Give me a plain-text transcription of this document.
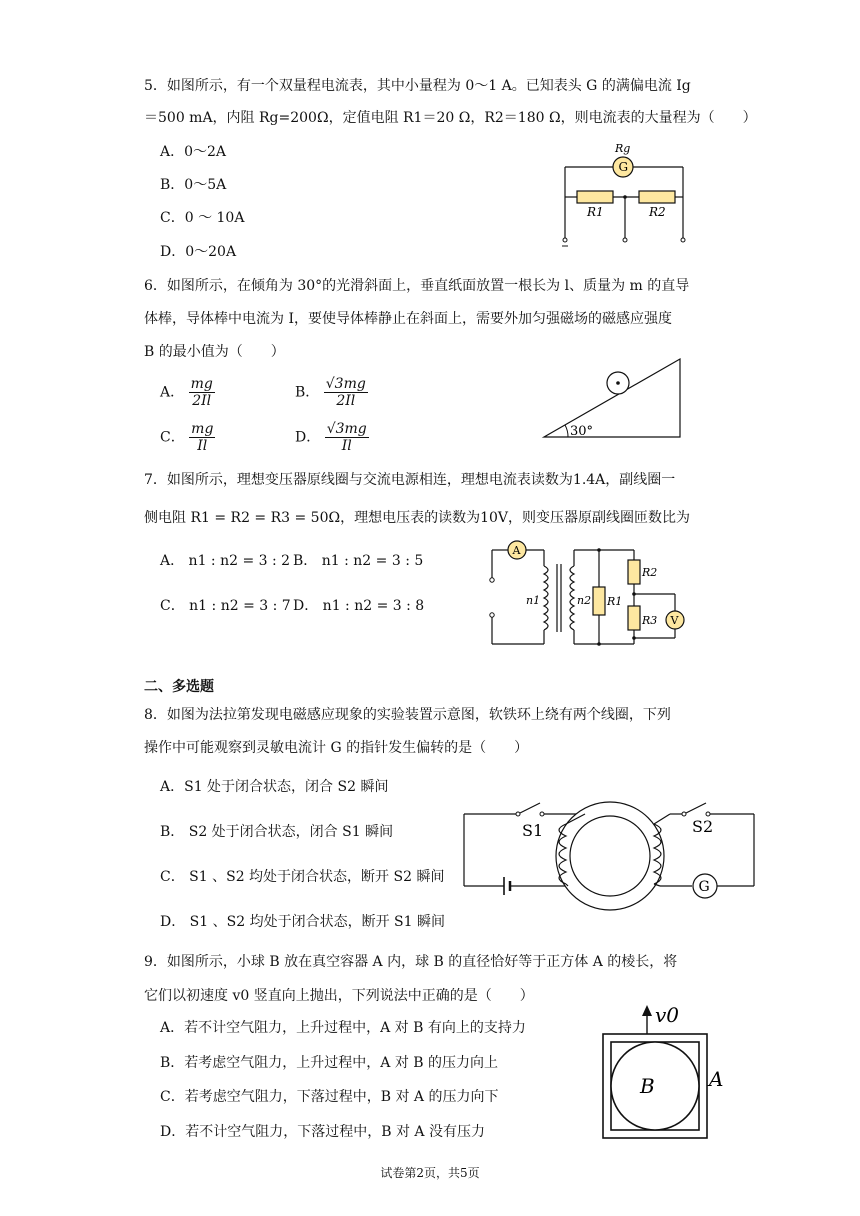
5．如图所示，有一个双量程电流表，其中小量程为 0～1 A。已知表头 G 的满偏电流 Ig
＝500 mA，内阻 Rg=200Ω，定值电阻 R1＝20 Ω，R2＝180 Ω，则电流表的大量程为（　　）
A．0～2A
B．0～5A
C．0 ～ 10A
D．0～20A
Rg
G
R1	R2
6．如图所示，在倾角为 30°的光滑斜面上，垂直纸面放置一根长为 l、质量为 m 的直导
体棒，导体棒中电流为 I，要使导体棒静止在斜面上，需要外加匀强磁场的磁感应强度
B 的最小值为（　　）
A． $\frac{mg}{2Il}$	B． $\frac{√3mg}{2Il}$
C． $\frac{mg}{Il}$	D． $\frac{√3mg}{Il}$	30°
7．如图所示，理想变压器原线圈与交流电源相连，理想电流表读数为1.4A，副线圈一
侧电阻 R1 = R2 = R3 = 50Ω，理想电压表的读数为10V，则变压器原副线圈匝数比为
A． n1 : n2 = 3 : 2 B． n1 : n2 = 3 : 5
C． n1 : n2 = 3 : 7 D． n1 : n2 = 3 : 8
A
n1	n2 R1
R2
R3 V
二、多选题
8．如图为法拉第发现电磁感应现象的实验装置示意图，软铁环上绕有两个线圈，下列
操作中可能观察到灵敏电流计 G 的指针发生偏转的是（　　）
A．S1 处于闭合状态，闭合 S2 瞬间
B． S2 处于闭合状态，闭合 S1 瞬间
C． S1 、S2 均处于闭合状态，断开 S2 瞬间
D． S1 、S2 均处于闭合状态，断开 S1 瞬间
S1	S2
G
9．如图所示，小球 B 放在真空容器 A 内，球 B 的直径恰好等于正方体 A 的棱长，将
它们以初速度 v0 竖直向上抛出，下列说法中正确的是（　　）
A．若不计空气阻力，上升过程中，A 对 B 有向上的支持力
B．若考虑空气阻力，上升过程中，A 对 B 的压力向上
C．若考虑空气阻力，下落过程中，B 对 A 的压力向下
D．若不计空气阻力，下落过程中，B 对 A 没有压力
v0
B	A
试卷第2页，共5页
